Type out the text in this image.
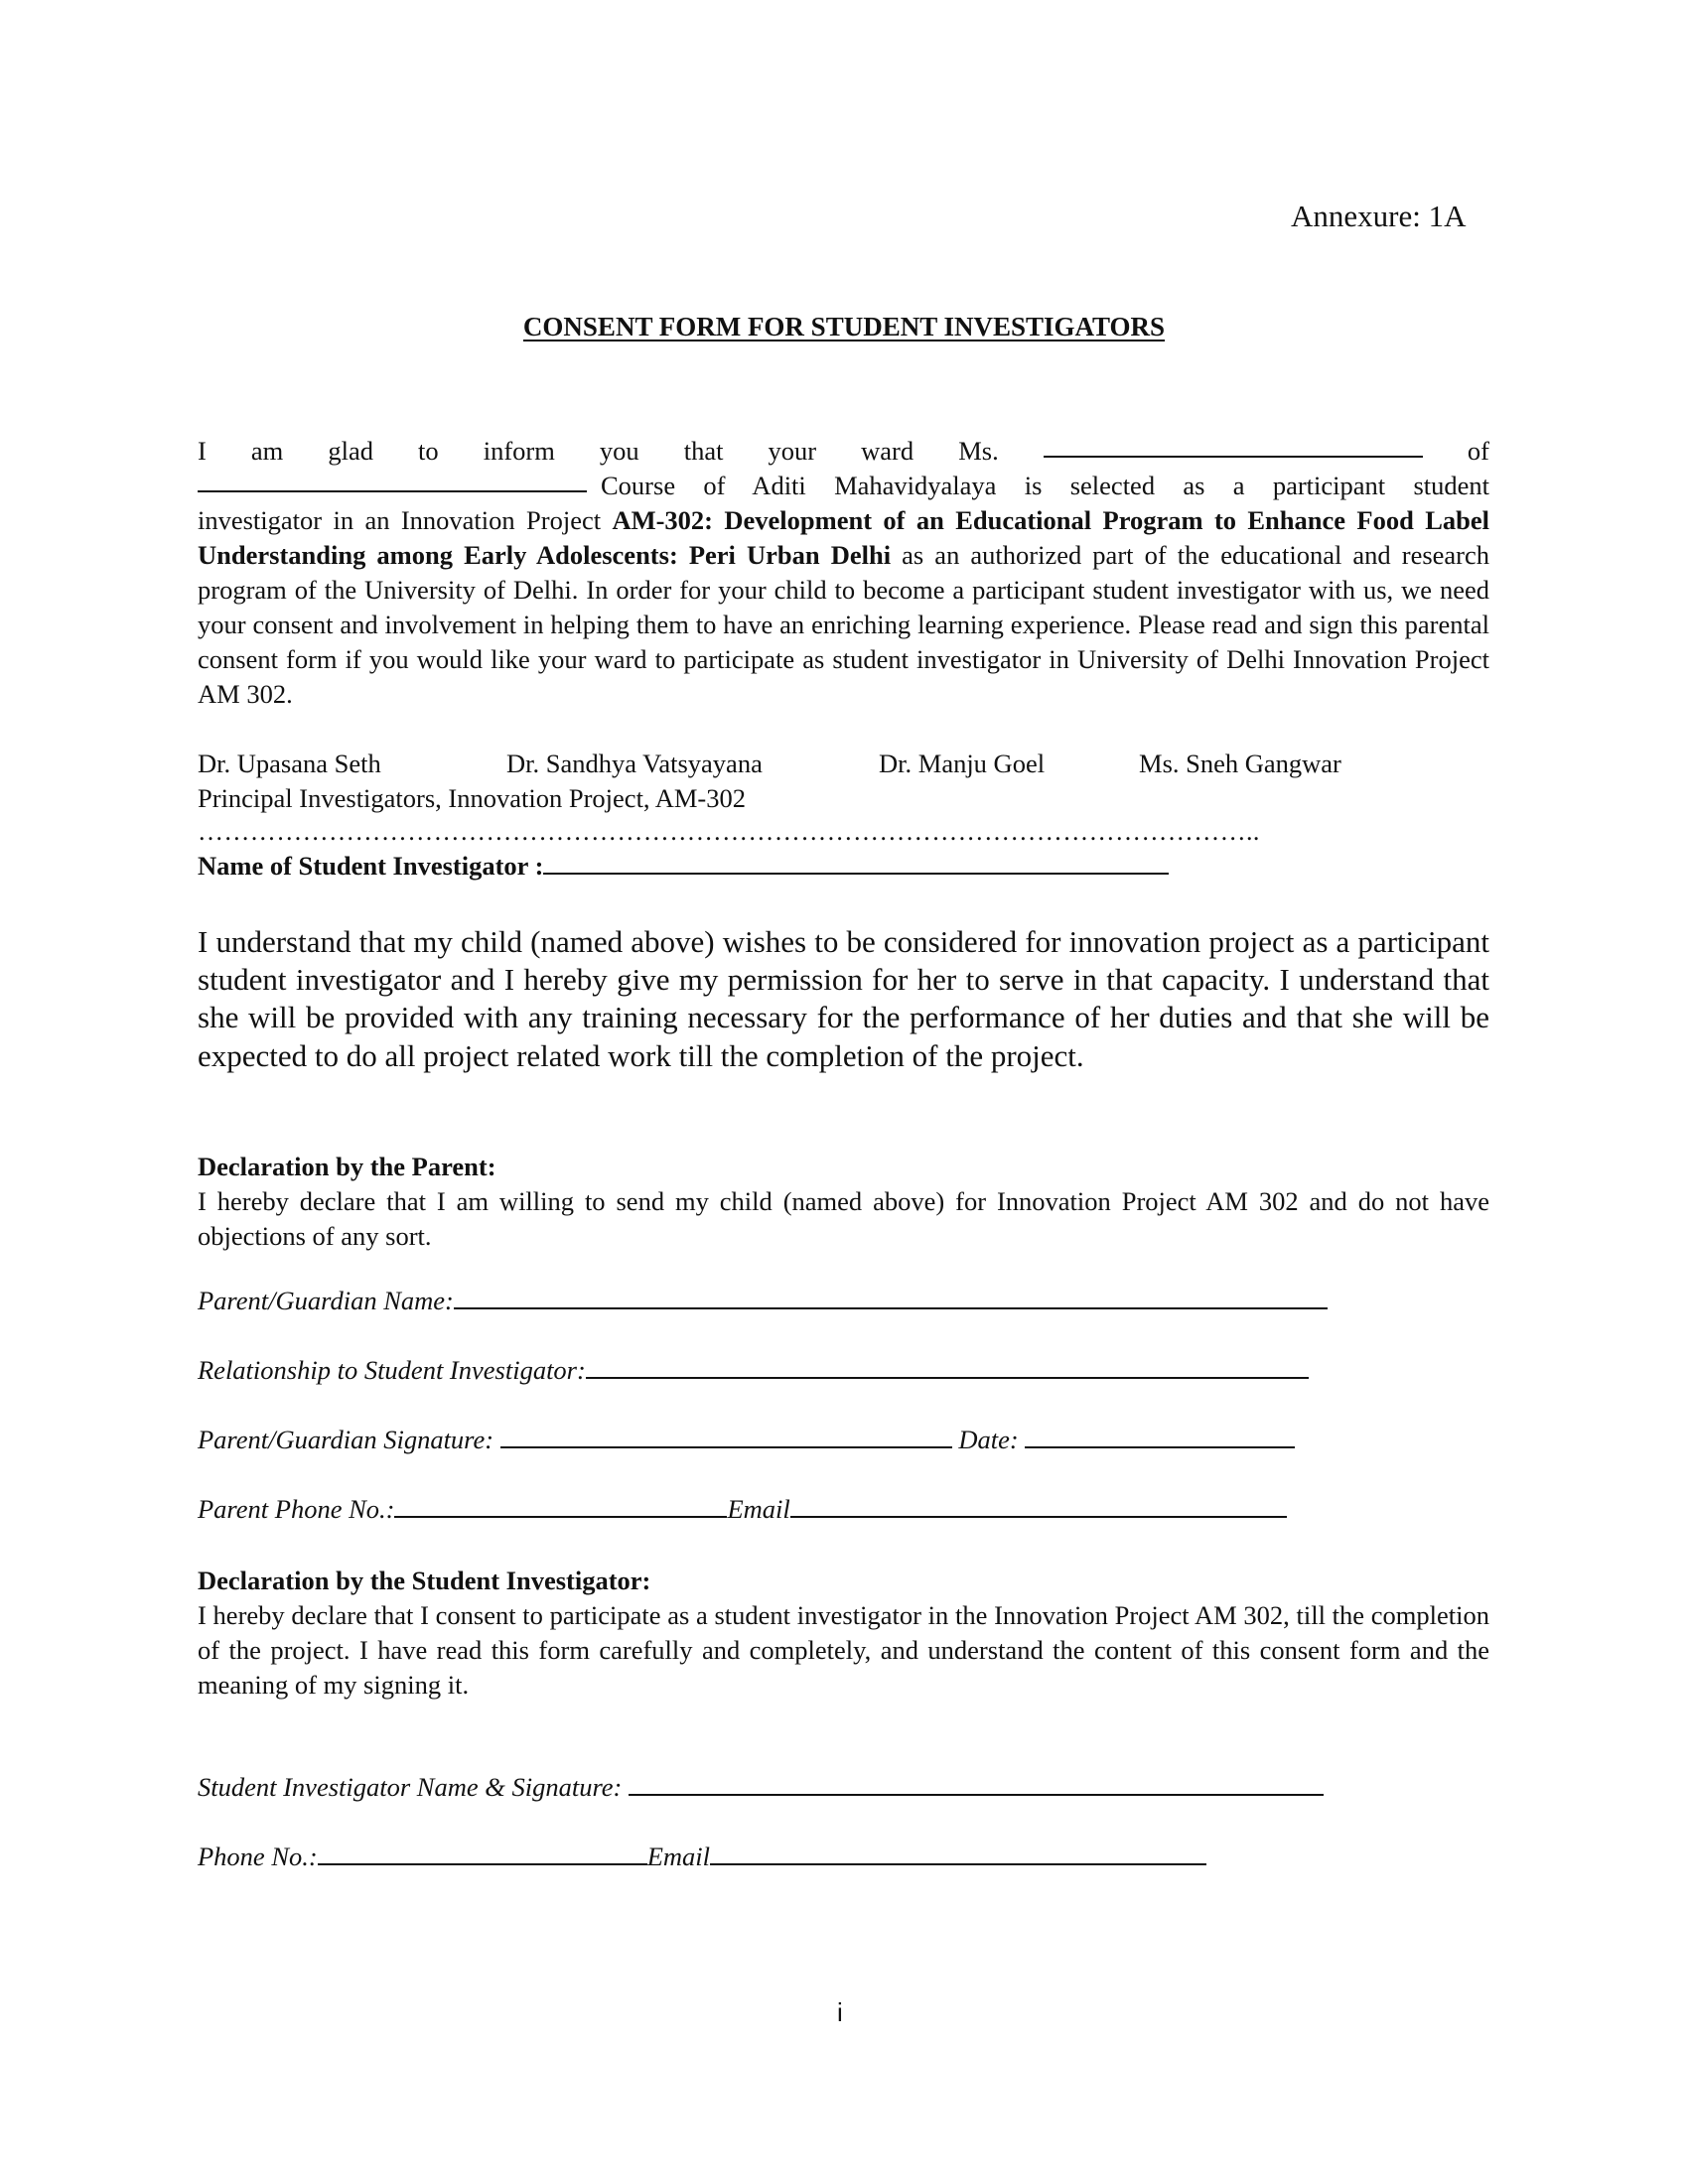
Annexure: 1A
CONSENT FORM FOR STUDENT INVESTIGATORS
I am glad to inform you that your ward Ms.	of
Course of Aditi Mahavidyalaya is selected as a participant student
investigator in an Innovation Project AM-302: Development of an Educational Program to Enhance Food Label Understanding among Early Adolescents: Peri Urban Delhi as an authorized part of the educational and research program of the University of Delhi. In order for your child to become a participant student investigator with us, we need your consent and involvement in helping them to have an enriching learning experience. Please read and sign this parental consent form if you would like your ward to participate as student investigator in University of Delhi Innovation Project AM 302.
Dr. Upasana Seth	Dr. Sandhya Vatsyayana	Dr. Manju Goel	Ms. Sneh Gangwar
Principal Investigators, Innovation Project, AM-302
…………………………………………………………………………………………………………..
Name of Student Investigator :
I understand that my child (named above) wishes to be considered for innovation project as a participant student investigator and I hereby give my permission for her to serve in that capacity. I understand that she will be provided with any training necessary for the performance of her duties and that she will be expected to do all project related work till the completion of the project.
Declaration by the Parent:
I hereby declare that I am willing to send my child (named above) for Innovation Project AM 302 and do not have objections of any sort.
Parent/Guardian Name:
Relationship to Student Investigator:
Parent/Guardian Signature:	Date:
Parent Phone No.:	Email
Declaration by the Student Investigator:
I hereby declare that I consent to participate as a student investigator in the Innovation Project AM 302, till the completion of the project. I have read this form carefully and completely, and understand the content of this consent form and the meaning of my signing it.
Student Investigator Name & Signature:
Phone No.:	Email
i
